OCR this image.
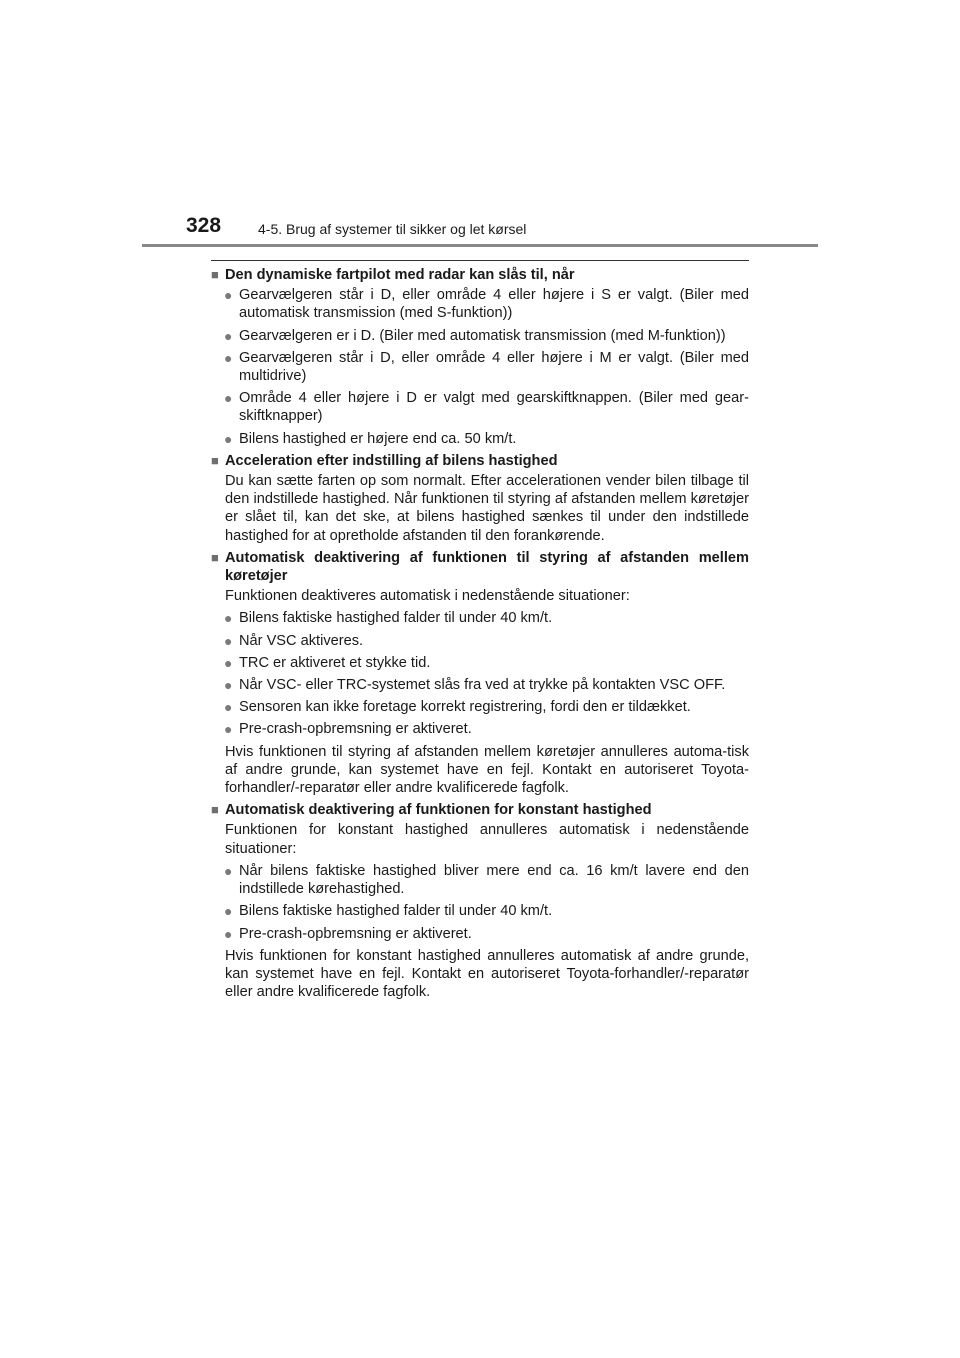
328	4-5. Brug af systemer til sikker og let kørsel
■ Den dynamiske fartpilot med radar kan slås til, når
● Gearvælgeren står i D, eller område 4 eller højere i S er valgt. (Biler med automatisk transmission (med S-funktion))
● Gearvælgeren er i D. (Biler med automatisk transmission (med M-funktion))
● Gearvælgeren står i D, eller område 4 eller højere i M er valgt. (Biler med multidrive)
● Område 4 eller højere i D er valgt med gearskiftknappen. (Biler med gear-skiftknapper)
● Bilens hastighed er højere end ca. 50 km/t.
■ Acceleration efter indstilling af bilens hastighed
Du kan sætte farten op som normalt. Efter accelerationen vender bilen tilbage til den indstillede hastighed. Når funktionen til styring af afstanden mellem køretøjer er slået til, kan det ske, at bilens hastighed sænkes til under den indstillede hastighed for at opretholde afstanden til den forankørende.
■ Automatisk deaktivering af funktionen til styring af afstanden mellem køretøjer
Funktionen deaktiveres automatisk i nedenstående situationer:
● Bilens faktiske hastighed falder til under 40 km/t.
● Når VSC aktiveres.
● TRC er aktiveret et stykke tid.
● Når VSC- eller TRC-systemet slås fra ved at trykke på kontakten VSC OFF.
● Sensoren kan ikke foretage korrekt registrering, fordi den er tildækket.
● Pre-crash-opbremsning er aktiveret.
Hvis funktionen til styring af afstanden mellem køretøjer annulleres automa-tisk af andre grunde, kan systemet have en fejl. Kontakt en autoriseret Toyota-forhandler/-reparatør eller andre kvalificerede fagfolk.
■ Automatisk deaktivering af funktionen for konstant hastighed
Funktionen for konstant hastighed annulleres automatisk i nedenstående situationer:
● Når bilens faktiske hastighed bliver mere end ca. 16 km/t lavere end den indstillede kørehastighed.
● Bilens faktiske hastighed falder til under 40 km/t.
● Pre-crash-opbremsning er aktiveret.
Hvis funktionen for konstant hastighed annulleres automatisk af andre grunde, kan systemet have en fejl. Kontakt en autoriseret Toyota-forhandler/-reparatør eller andre kvalificerede fagfolk.
